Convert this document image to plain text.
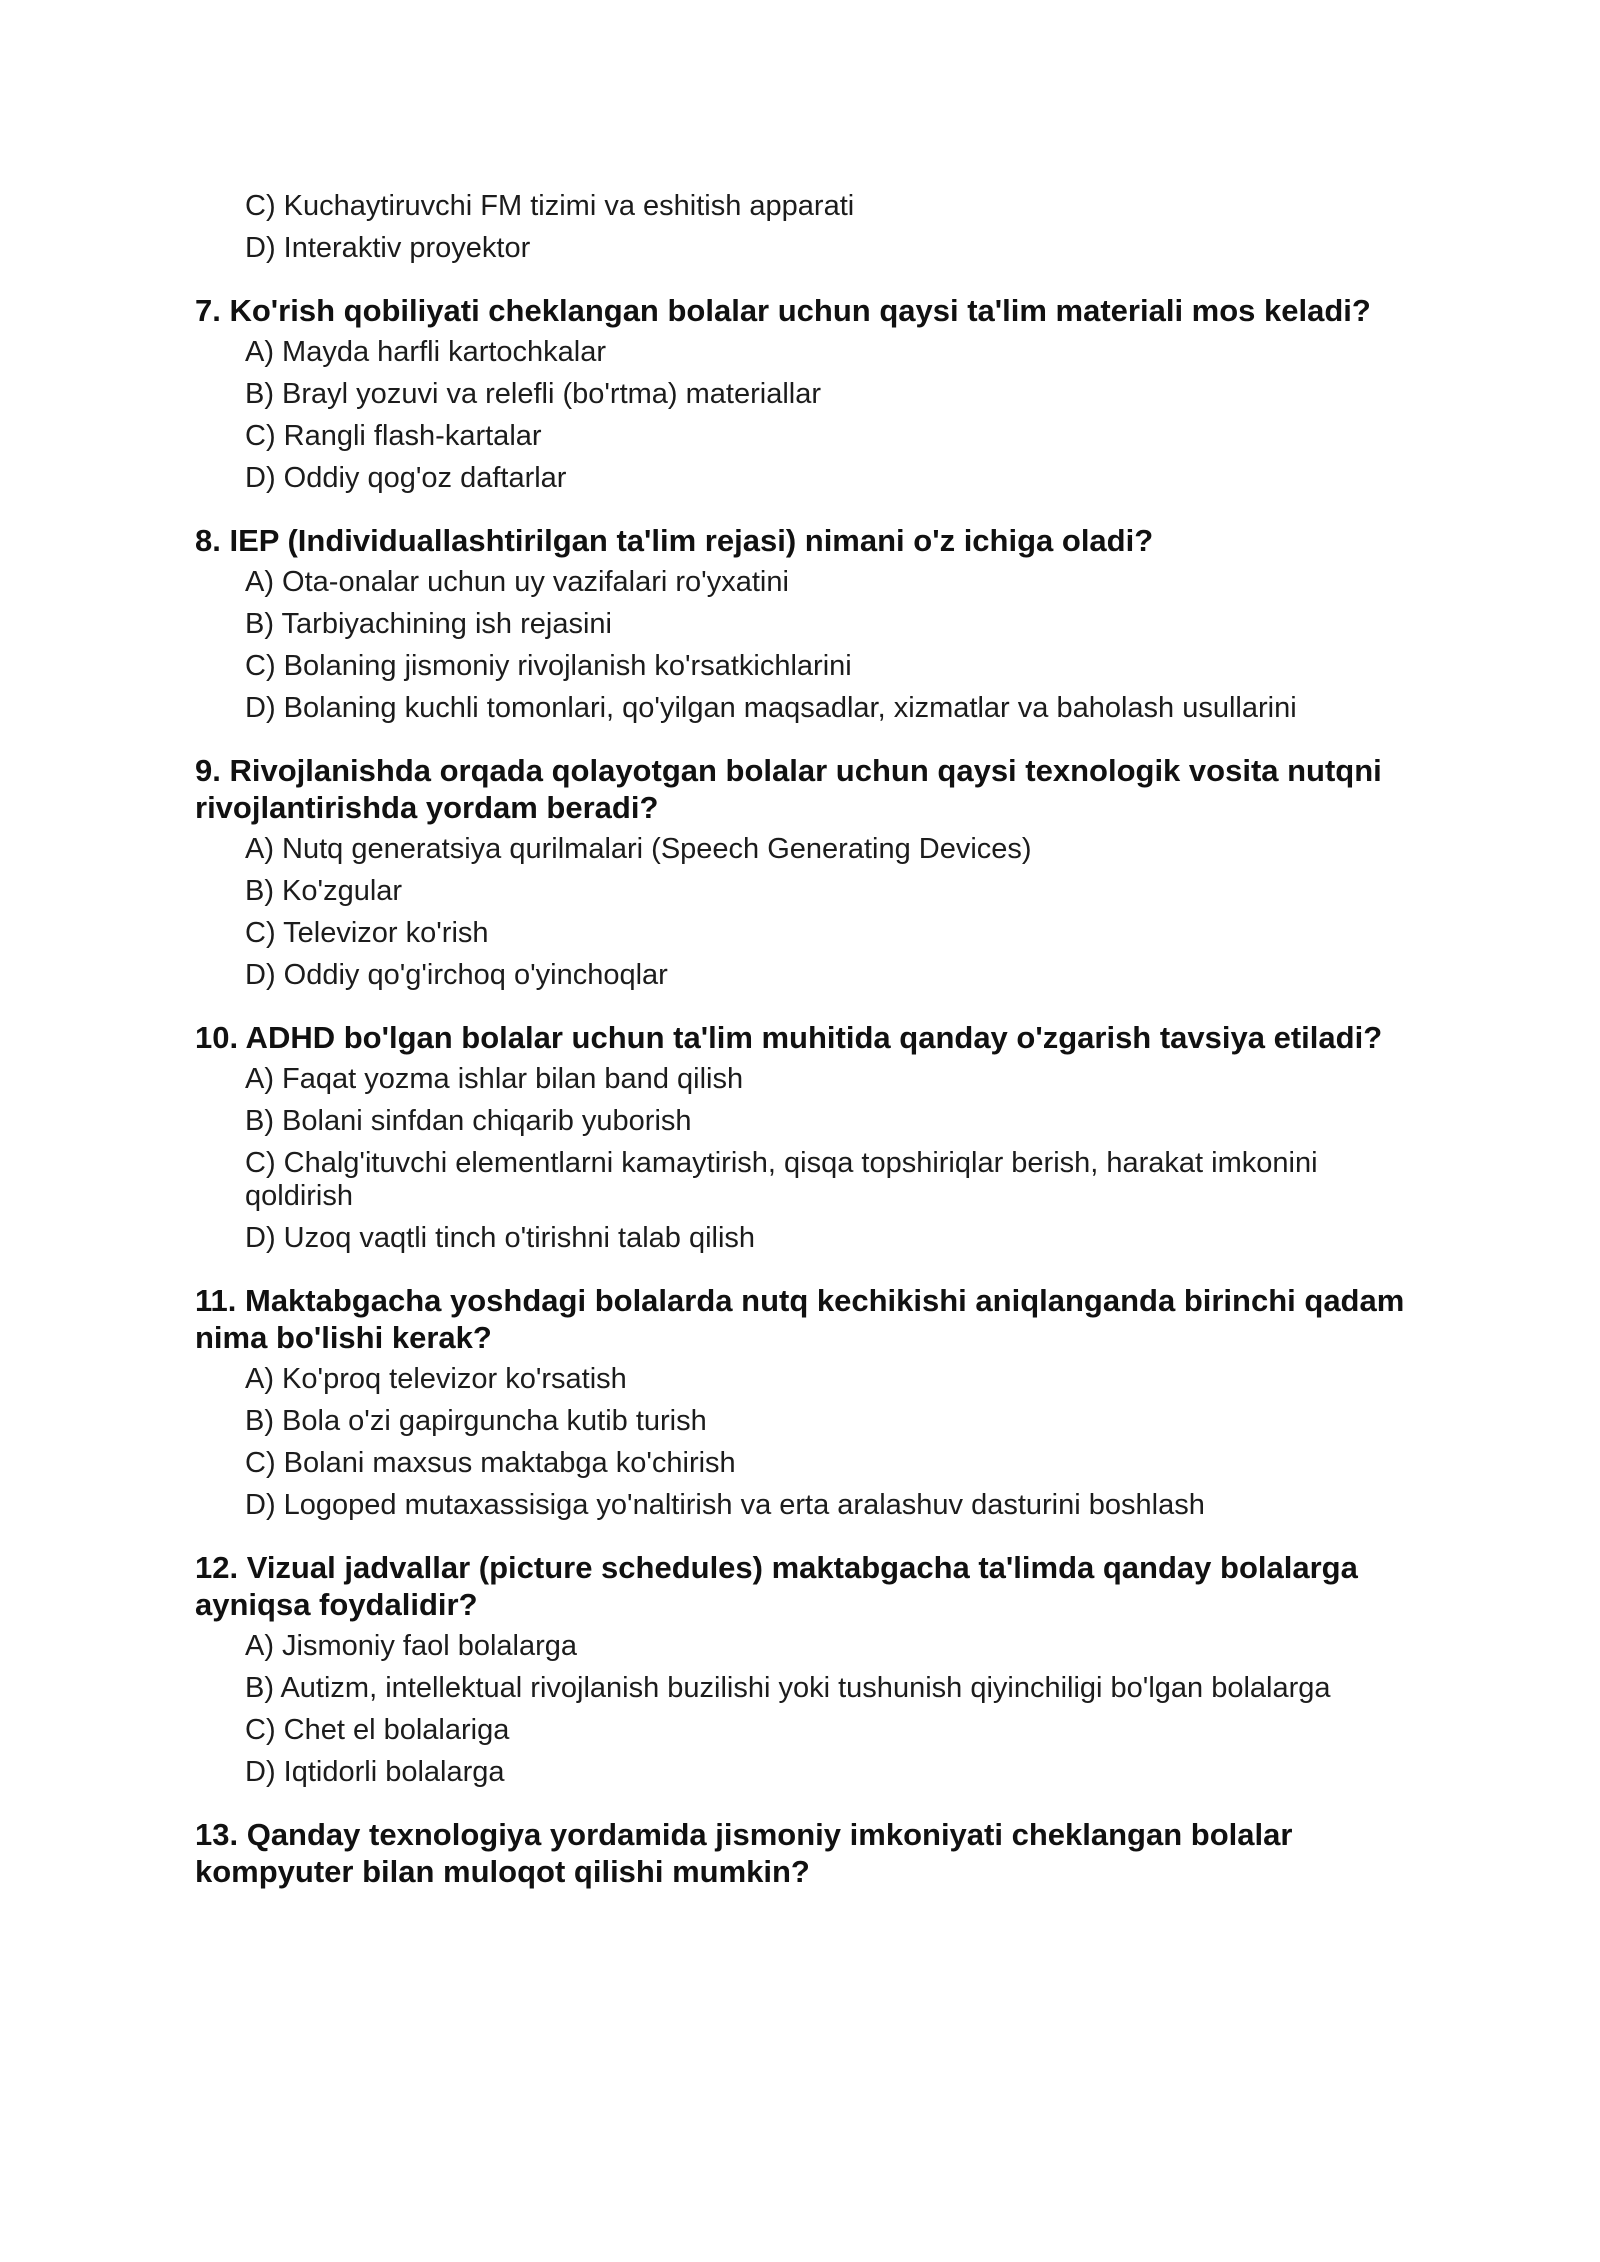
C) Kuchaytiruvchi FM tizimi va eshitish apparati
D) Interaktiv proyektor
7. Ko'rish qobiliyati cheklangan bolalar uchun qaysi ta'lim materiali mos keladi?
A) Mayda harfli kartochkalar
B) Brayl yozuvi va relefli (bo'rtma) materiallar
C) Rangli flash-kartalar
D) Oddiy qog'oz daftarlar
8. IEP (Individuallashtirilgan ta'lim rejasi) nimani o'z ichiga oladi?
A) Ota-onalar uchun uy vazifalari ro'yxatini
B) Tarbiyachining ish rejasini
C) Bolaning jismoniy rivojlanish ko'rsatkichlarini
D) Bolaning kuchli tomonlari, qo'yilgan maqsadlar, xizmatlar va baholash usullarini
9. Rivojlanishda orqada qolayotgan bolalar uchun qaysi texnologik vosita nutqni rivojlantirishda yordam beradi?
A) Nutq generatsiya qurilmalari (Speech Generating Devices)
B) Ko'zgular
C) Televizor ko'rish
D) Oddiy qo'g'irchoq o'yinchoqlar
10. ADHD bo'lgan bolalar uchun ta'lim muhitida qanday o'zgarish tavsiya etiladi?
A) Faqat yozma ishlar bilan band qilish
B) Bolani sinfdan chiqarib yuborish
C) Chalg'ituvchi elementlarni kamaytirish, qisqa topshiriqlar berish, harakat imkonini qoldirish
D) Uzoq vaqtli tinch o'tirishni talab qilish
11. Maktabgacha yoshdagi bolalarda nutq kechikishi aniqlanganda birinchi qadam nima bo'lishi kerak?
A) Ko'proq televizor ko'rsatish
B) Bola o'zi gapirguncha kutib turish
C) Bolani maxsus maktabga ko'chirish
D) Logoped mutaxassisiga yo'naltirish va erta aralashuv dasturini boshlash
12. Vizual jadvallar (picture schedules) maktabgacha ta'limda qanday bolalarga ayniqsa foydalidir?
A) Jismoniy faol bolalarga
B) Autizm, intellektual rivojlanish buzilishi yoki tushunish qiyinchiligi bo'lgan bolalarga
C) Chet el bolalariga
D) Iqtidorli bolalarga
13. Qanday texnologiya yordamida jismoniy imkoniyati cheklangan bolalar kompyuter bilan muloqot qilishi mumkin?
